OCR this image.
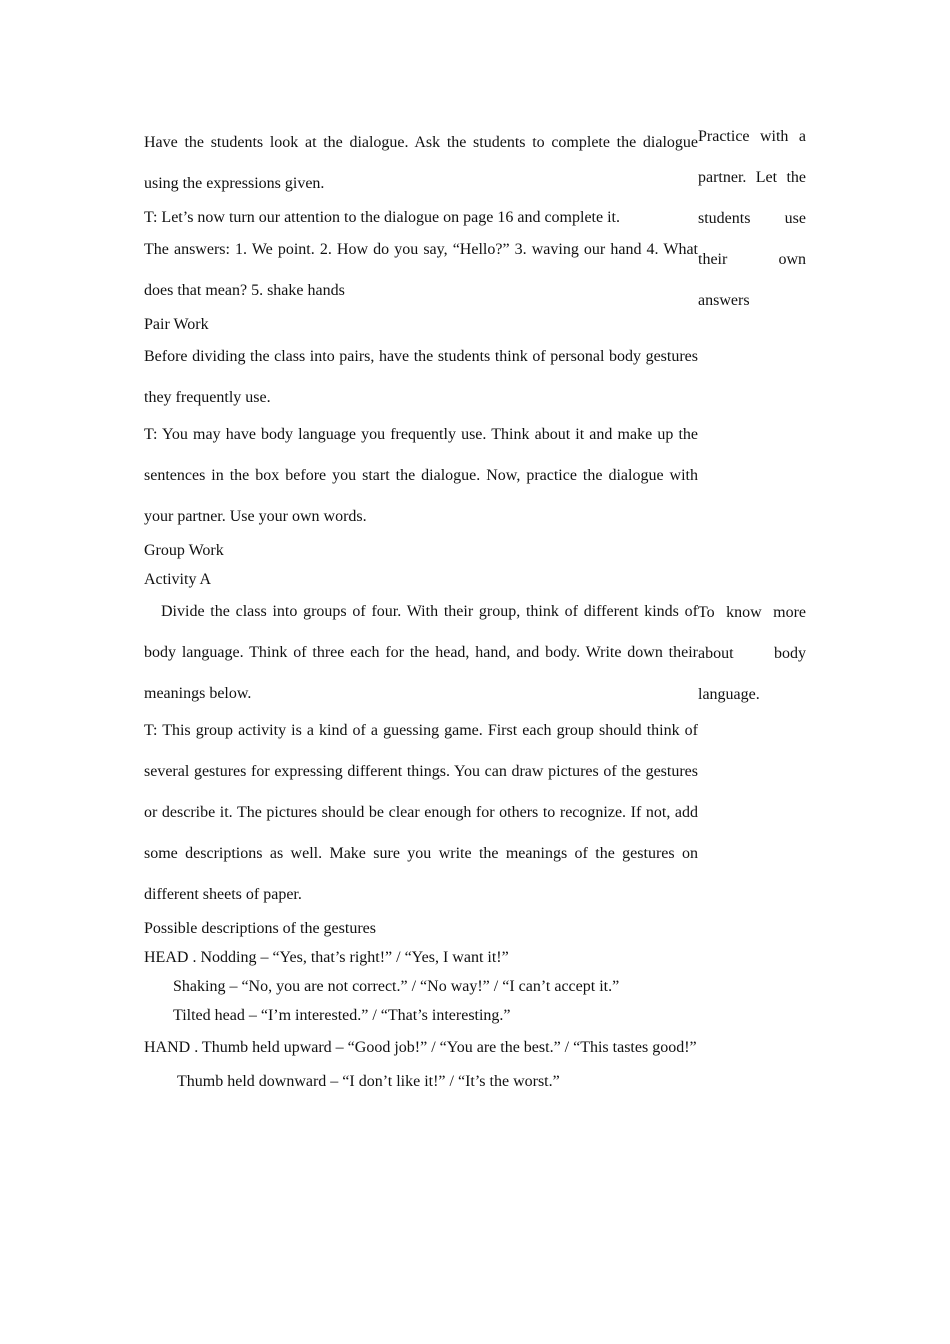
Have the students look at the dialogue. Ask the students to complete the dialogue using the expressions given.

T: Let’s now turn our attention to the dialogue on page 16 and complete it.

The answers: 1. We point. 2. How do you say, “Hello?” 3. waving our hand 4. What does that mean? 5. shake hands

Pair Work

Before dividing the class into pairs, have the students think of personal body gestures they frequently use.

T: You may have body language you frequently use. Think about it and make up the sentences in the box before you start the dialogue. Now, practice the dialogue with your partner. Use your own words.

Group Work

Activity A

Divide the class into groups of four. With their group, think of different kinds of body language. Think of three each for the head, hand, and body. Write down their meanings below.

T: This group activity is a kind of a guessing game. First each group should think of several gestures for expressing different things. You can draw pictures of the gestures or describe it. The pictures should be clear enough for others to recognize. If not, add some descriptions as well. Make sure you write the meanings of the gestures on different sheets of paper.

Possible descriptions of the gestures

HEAD . Nodding – “Yes, that’s right!” / “Yes, I want it!”

Shaking – “No, you are not correct.” / “No way!” / “I can’t accept it.”

Tilted head – “I’m interested.” / “That’s interesting.”

HAND . Thumb held upward – “Good job!” / “You are the best.” / “This tastes good!”

Thumb held downward – “I don’t like it!” / “It’s the worst.”

Practice with a partner. Let the students use their own answers

To know more about body language.
